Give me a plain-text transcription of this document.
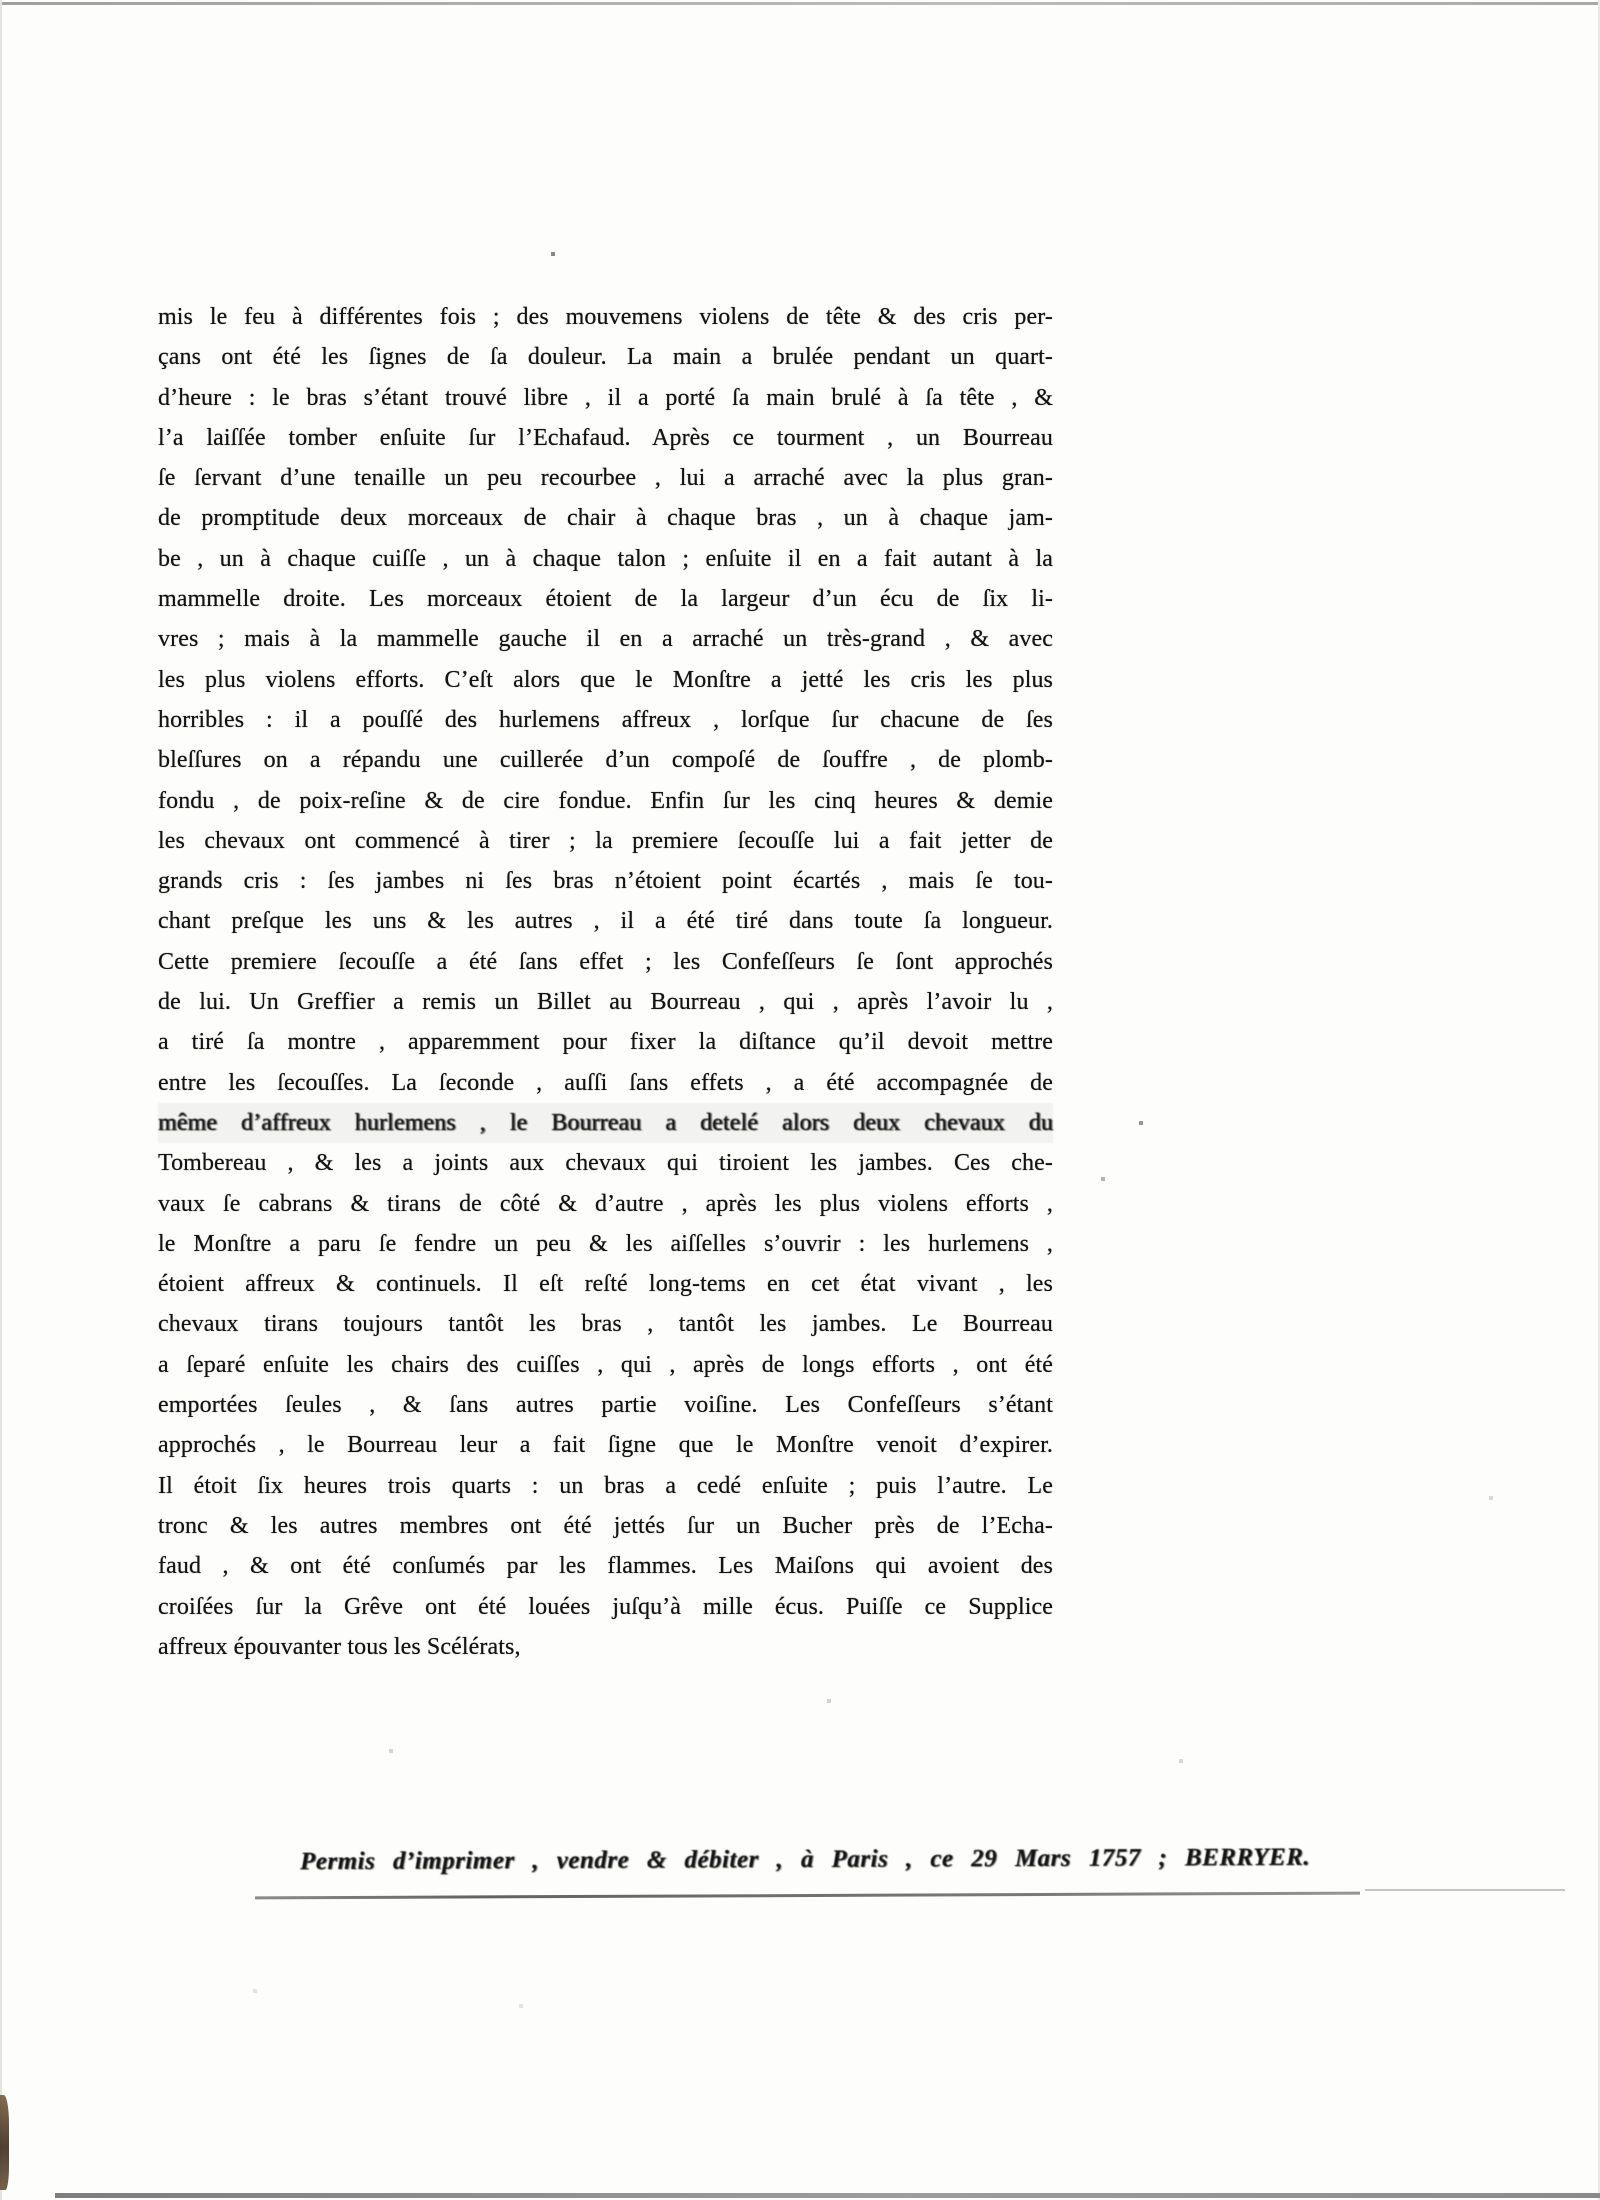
mis le feu à différentes fois ; des mouvemens violens de tête & des cris per-
çans ont été les ſignes de ſa douleur. La main a brulée pendant un quart-
d’heure : le bras s’étant trouvé libre , il a porté ſa main brulé à ſa tête , &
l’a laiſſée tomber enſuite ſur l’Echafaud. Après ce tourment , un Bourreau
ſe ſervant d’une tenaille un peu recourbee , lui a arraché avec la plus gran-
de promptitude deux morceaux de chair à chaque bras , un à chaque jam-
be , un à chaque cuiſſe , un à chaque talon ; enſuite il en a fait autant à la
mammelle droite. Les morceaux étoient de la largeur d’un écu de ſix li-
vres ; mais à la mammelle gauche il en a arraché un très-grand , & avec
les plus violens efforts. C’eſt alors que le Monſtre a jetté les cris les plus
horribles : il a pouſſé des hurlemens affreux , lorſque ſur chacune de ſes
bleſſures on a répandu une cuillerée d’un compoſé de ſouffre , de plomb-
fondu , de poix-reſine & de cire fondue. Enfin ſur les cinq heures & demie
les chevaux ont commencé à tirer ; la premiere ſecouſſe lui a fait jetter de
grands cris : ſes jambes ni ſes bras n’étoient point écartés , mais ſe tou-
chant preſque les uns & les autres , il a été tiré dans toute ſa longueur.
Cette premiere ſecouſſe a été ſans effet ; les Confeſſeurs ſe ſont approchés
de lui. Un Greffier a remis un Billet au Bourreau , qui , après l’avoir lu ,
a tiré ſa montre , apparemment pour fixer la diſtance qu’il devoit mettre
entre les ſecouſſes. La ſeconde , auſſi ſans effets , a été accompagnée de
même d’affreux hurlemens , le Bourreau a detelé alors deux chevaux du
Tombereau , & les a joints aux chevaux qui tiroient les jambes. Ces che-
vaux ſe cabrans & tirans de côté & d’autre , après les plus violens efforts ,
le Monſtre a paru ſe fendre un peu & les aiſſelles s’ouvrir : les hurlemens ,
étoient affreux & continuels. Il eſt reſté long-tems en cet état vivant , les
chevaux tirans toujours tantôt les bras , tantôt les jambes. Le Bourreau
a ſeparé enſuite les chairs des cuiſſes , qui , après de longs efforts , ont été
emportées ſeules , & ſans autres partie voiſine. Les Confeſſeurs s’étant
approchés , le Bourreau leur a fait ſigne que le Monſtre venoit d’expirer.
Il étoit ſix heures trois quarts : un bras a cedé enſuite ; puis l’autre. Le
tronc & les autres membres ont été jettés ſur un Bucher près de l’Echa-
faud , & ont été conſumés par les flammes. Les Maiſons qui avoient des
croiſées ſur la Grêve ont été louées juſqu’à mille écus. Puiſſe ce Supplice
affreux épouvanter tous les Scélérats,
Permis d’imprimer , vendre & débiter , à Paris , ce 29 Mars 1757 ; BERRYER.
